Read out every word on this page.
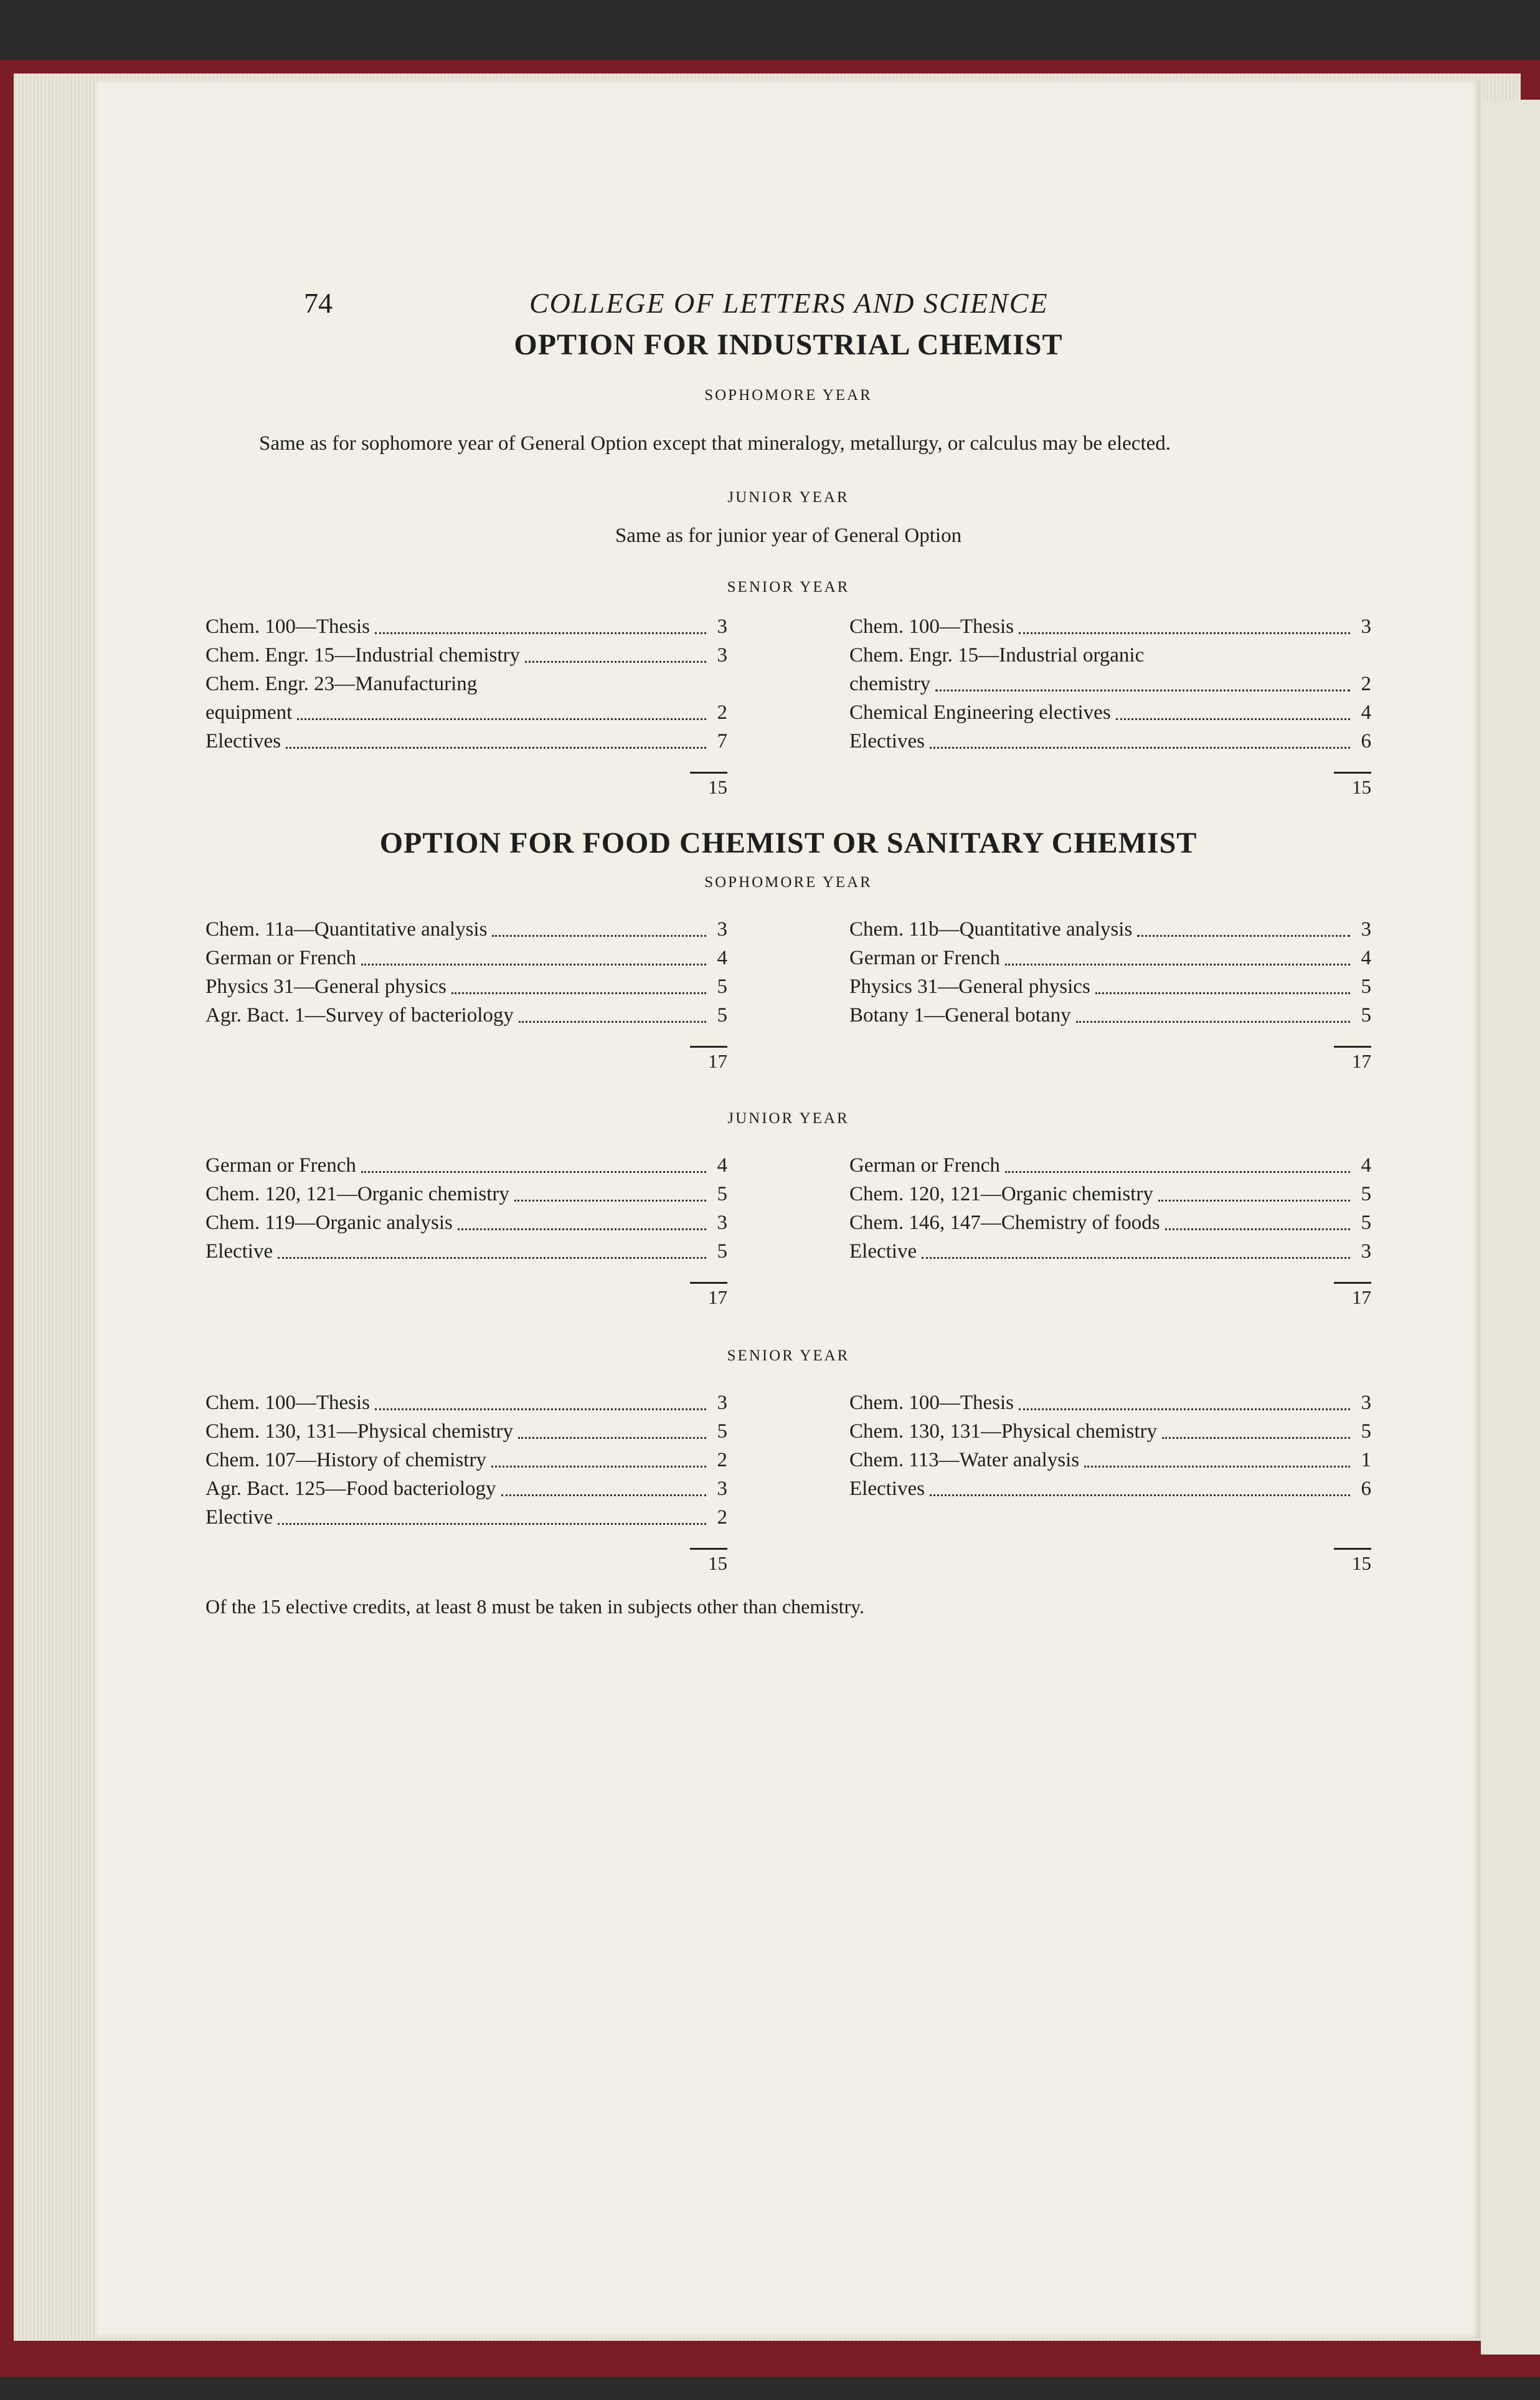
74	COLLEGE OF LETTERS AND SCIENCE
OPTION FOR INDUSTRIAL CHEMIST

SOPHOMORE YEAR

Same as for sophomore year of General Option except that mineralogy, metallurgy, or calculus may be elected.

JUNIOR YEAR

Same as for junior year of General Option

SENIOR YEAR

Chem. 100—Thesis	3
Chem. Engr. 15—Industrial chemistry	3
Chem. Engr. 23—Manufacturing
equipment	2
Electives	7
15
Chem. 100—Thesis	3
Chem. Engr. 15—Industrial organic
chemistry	2
Chemical Engineering electives	4
Electives	6
15
OPTION FOR FOOD CHEMIST OR SANITARY CHEMIST

SOPHOMORE YEAR

Chem. 11a—Quantitative analysis	3
German or French	4
Physics 31—General physics	5
Agr. Bact. 1—Survey of bacteriology	5
17
Chem. 11b—Quantitative analysis	3
German or French	4
Physics 31—General physics	5
Botany 1—General botany	5
17

JUNIOR YEAR

German or French	4
Chem. 120, 121—Organic chemistry	5
Chem. 119—Organic analysis	3
Elective	5
17
German or French	4
Chem. 120, 121—Organic chemistry	5
Chem. 146, 147—Chemistry of foods	5
Elective	3
17

SENIOR YEAR

Chem. 100—Thesis	3
Chem. 130, 131—Physical chemistry	5
Chem. 107—History of chemistry	2
Agr. Bact. 125—Food bacteriology	3
Elective	2
15
Chem. 100—Thesis	3
Chem. 130, 131—Physical chemistry	5
Chem. 113—Water analysis	1
Electives	6

15

Of the 15 elective credits, at least 8 must be taken in subjects other than chemistry.
